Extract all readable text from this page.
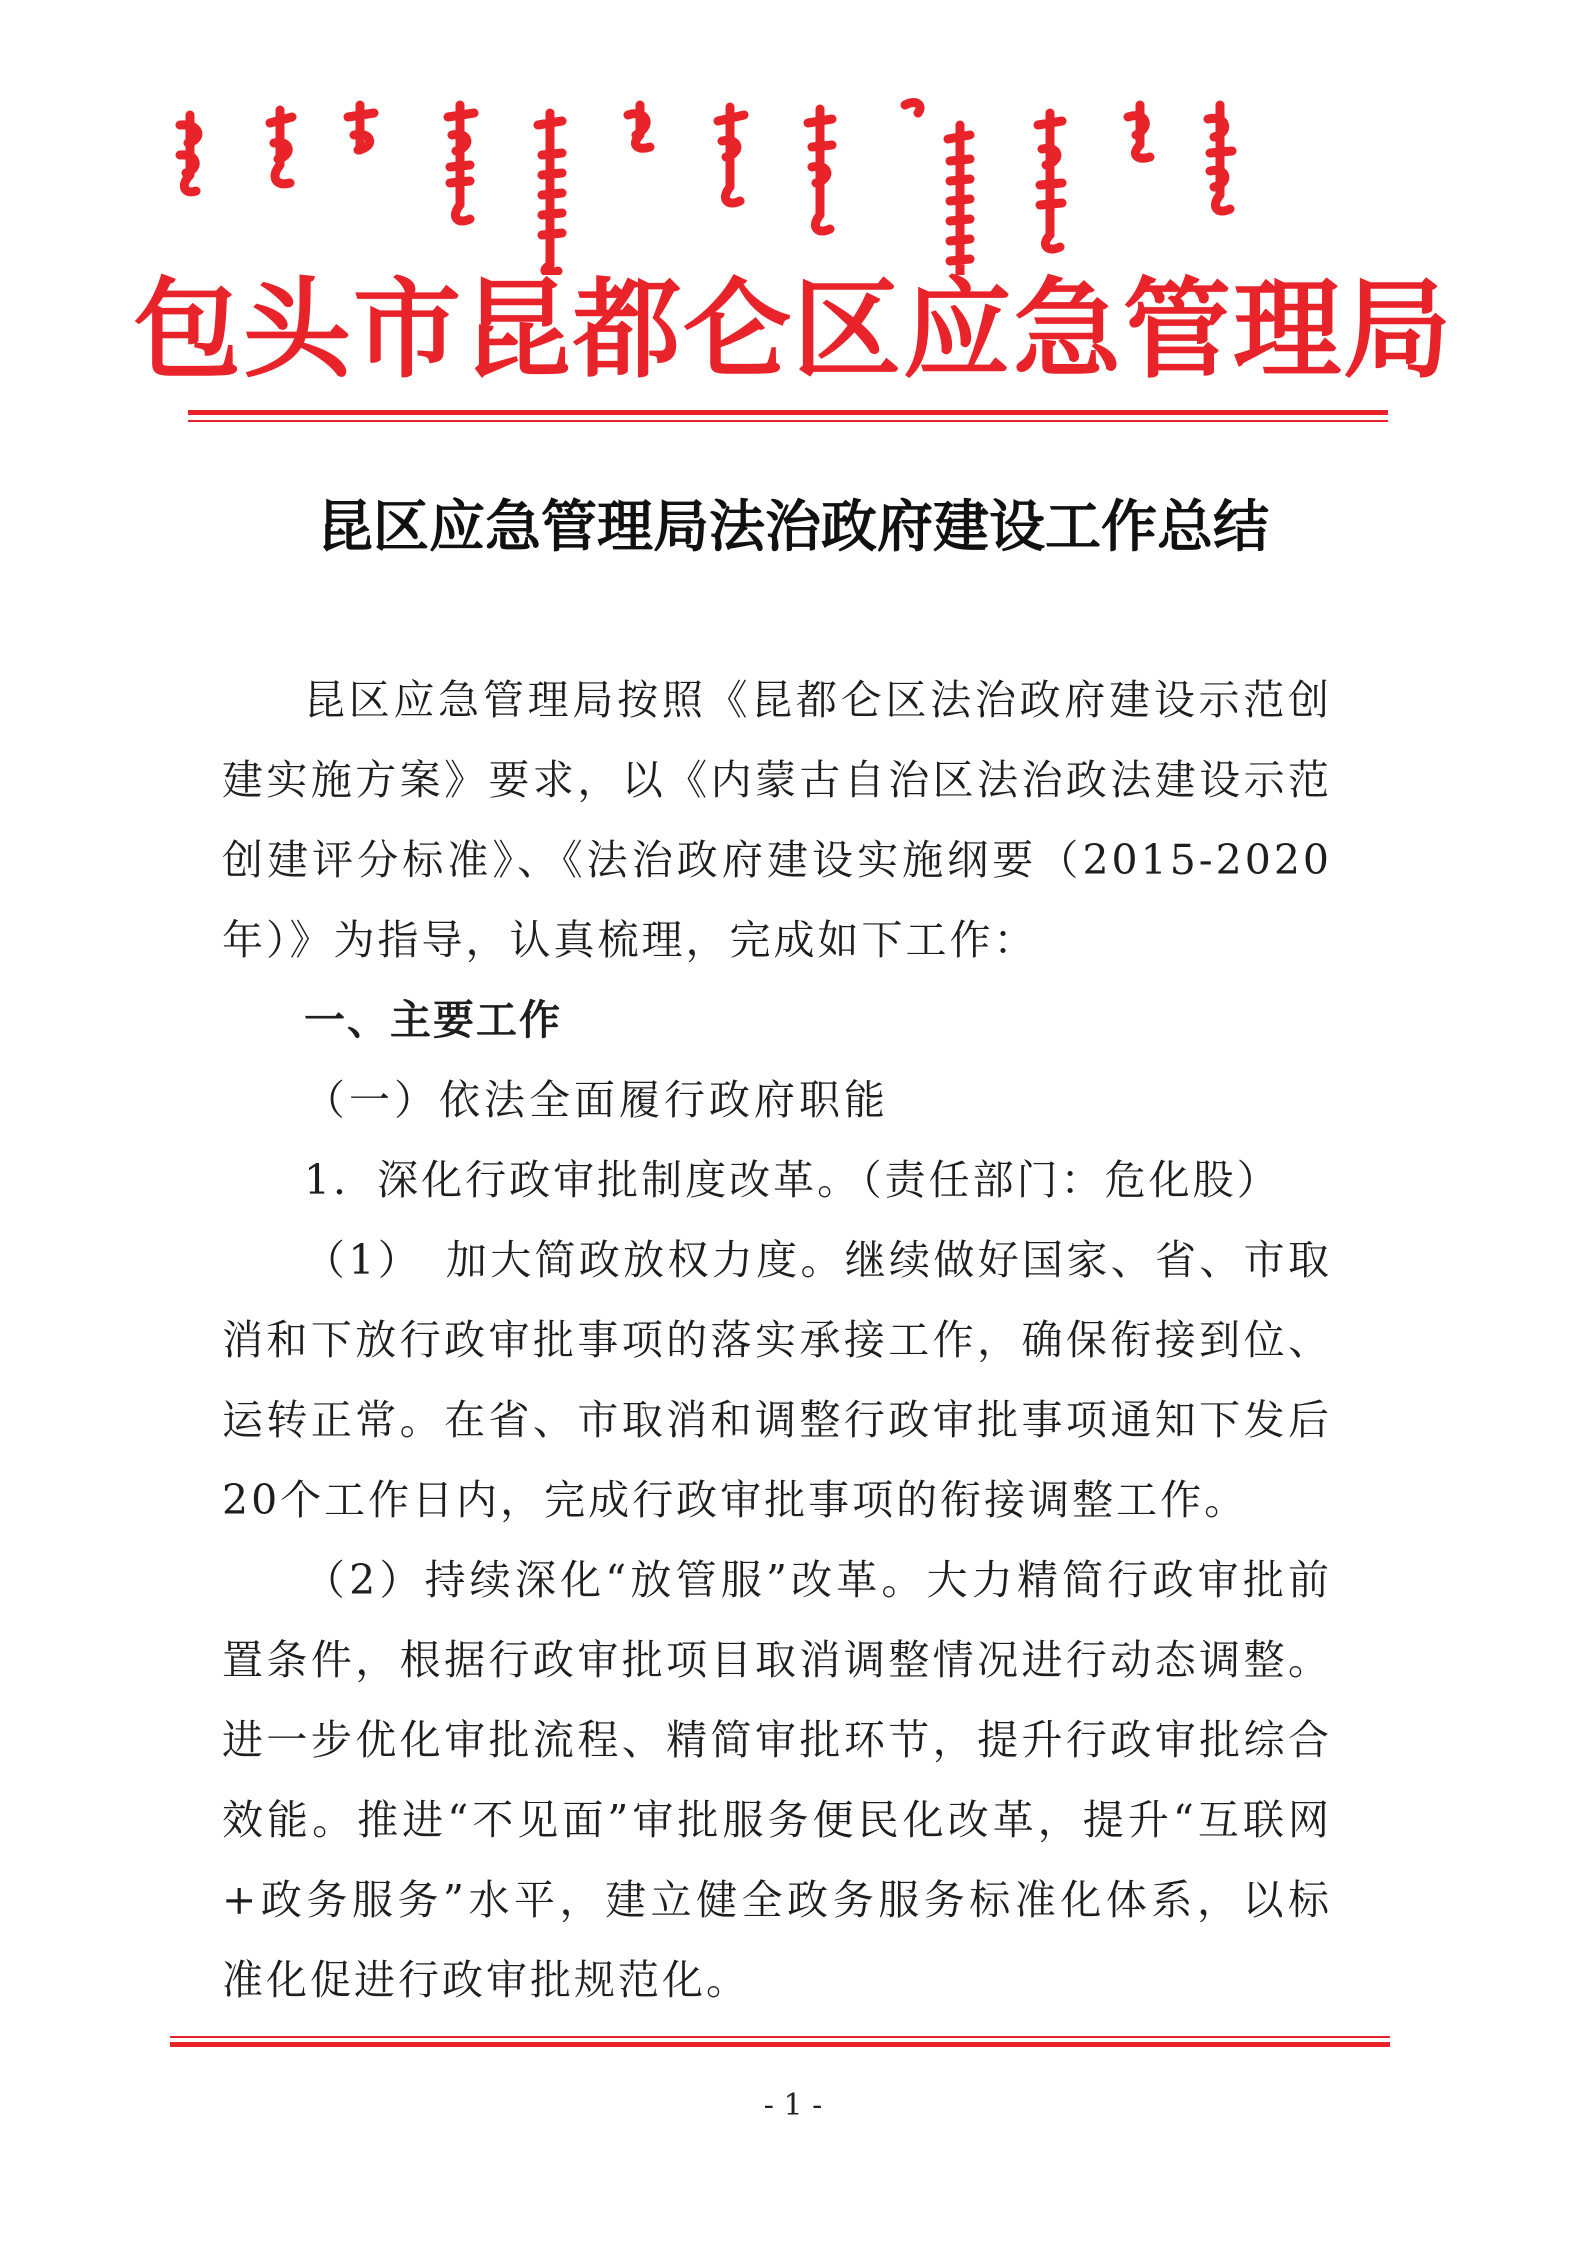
包头市昆都仑区应急管理局
昆区应急管理局法治政府建设工作总结

昆区应急管理局按照《昆都仑区法治政府建设示范创建实施方案》要求，以《内蒙古自治区法治政法建设示范创建评分标准》、《法治政府建设实施纲要（2015-2020年）》为指导，认真梳理，完成如下工作：

一、主要工作

（一）依法全面履行政府职能

1．深化行政审批制度改革。（责任部门：危化股）

（1）　加大简政放权力度。继续做好国家、省、市取消和下放行政审批事项的落实承接工作，确保衔接到位、运转正常。在省、市取消和调整行政审批事项通知下发后20个工作日内，完成行政审批事项的衔接调整工作。

（2）持续深化“放管服”改革。大力精简行政审批前置条件，根据行政审批项目取消调整情况进行动态调整。进一步优化审批流程、精简审批环节，提升行政审批综合效能。推进“不见面”审批服务便民化改革，提升“互联网+政务服务”水平，建立健全政务服务标准化体系，以标准化促进行政审批规范化。

- 1 -
